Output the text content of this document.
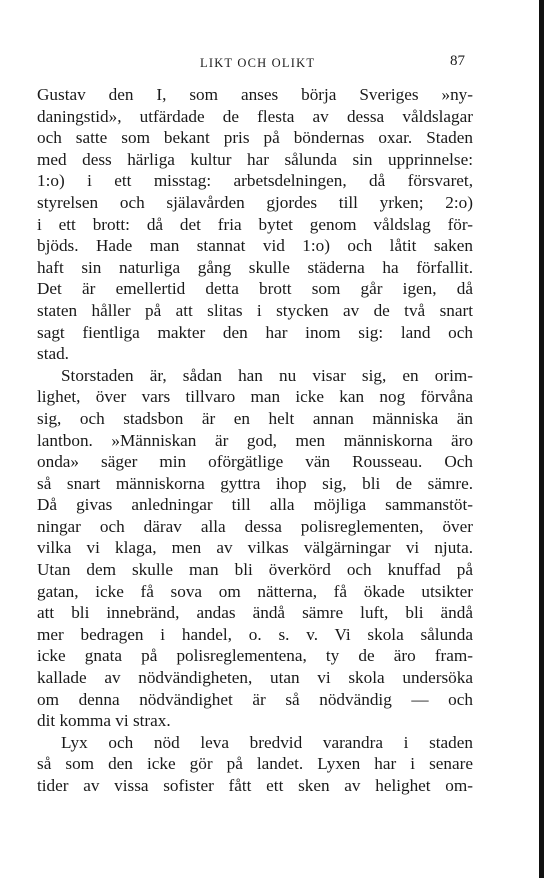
LIKT OCH OLIKT	87
Gustav den I, som anses börja Sveriges »ny-
daningstid», utfärdade de flesta av dessa våldslagar
och satte som bekant pris på böndernas oxar. Staden
med dess härliga kultur har sålunda sin upprinnelse:
1:o) i ett misstag: arbetsdelningen, då försvaret,
styrelsen och själavården gjordes till yrken; 2:o)
i ett brott: då det fria bytet genom våldslag för-
bjöds. Hade man stannat vid 1:o) och låtit saken
haft sin naturliga gång skulle städerna ha förfallit.
Det är emellertid detta brott som går igen, då
staten håller på att slitas i stycken av de två snart
sagt fientliga makter den har inom sig: land och
stad.
Storstaden är, sådan han nu visar sig, en orim-
lighet, över vars tillvaro man icke kan nog förvåna
sig, och stadsbon är en helt annan människa än
lantbon. »Människan är god, men människorna äro
onda» säger min oförgätlige vän Rousseau. Och
så snart människorna gyttra ihop sig, bli de sämre.
Då givas anledningar till alla möjliga sammanstöt-
ningar och därav alla dessa polisreglementen, över
vilka vi klaga, men av vilkas välgärningar vi njuta.
Utan dem skulle man bli överkörd och knuffad på
gatan, icke få sova om nätterna, få ökade utsikter
att bli innebränd, andas ändå sämre luft, bli ändå
mer bedragen i handel, o. s. v. Vi skola sålunda
icke gnata på polisreglementena, ty de äro fram-
kallade av nödvändigheten, utan vi skola undersöka
om denna nödvändighet är så nödvändig — och
dit komma vi strax.
Lyx och nöd leva bredvid varandra i staden
så som den icke gör på landet. Lyxen har i senare
tider av vissa sofister fått ett sken av helighet om-
